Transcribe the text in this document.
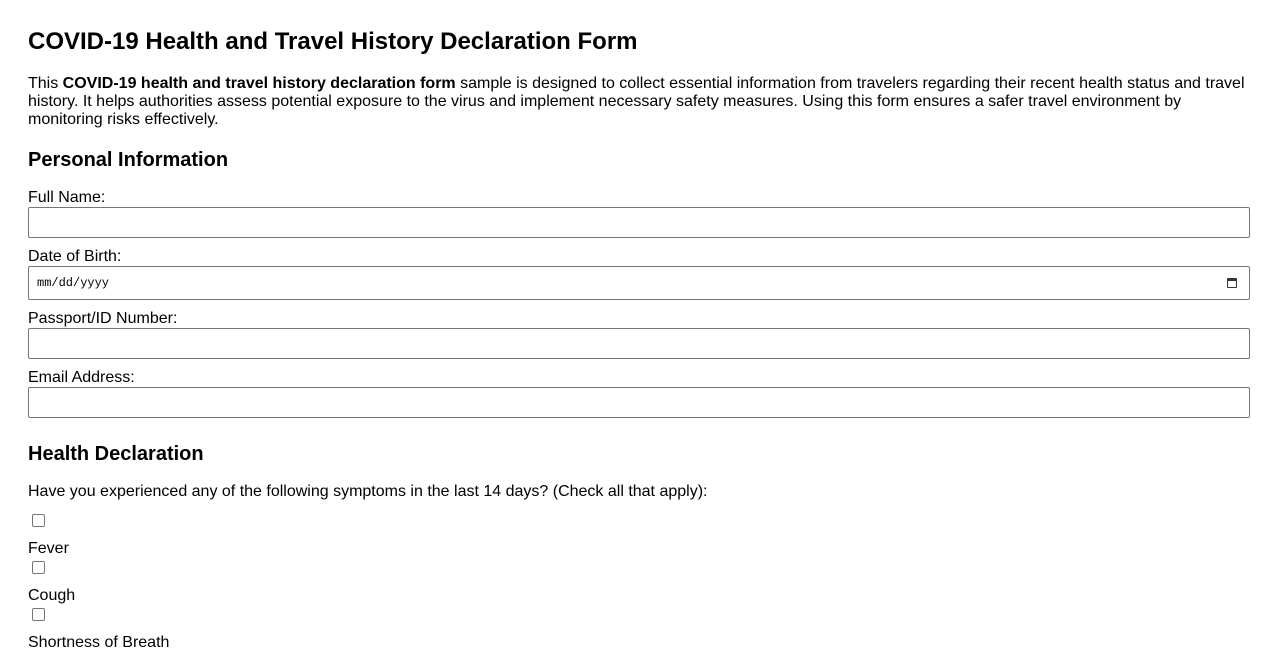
COVID-19 Health and Travel History Declaration Form

This COVID-19 health and travel history declaration form sample is designed to collect essential information from travelers regarding their recent health status and travel history. It helps authorities assess potential exposure to the virus and implement necessary safety measures. Using this form ensures a safer travel environment by monitoring risks effectively.

Personal Information
Full Name:
Date of Birth:
mm/dd/yyyy
Passport/ID Number:
Email Address:
Health Declaration

Have you experienced any of the following symptoms in the last 14 days? (Check all that apply):

Fever
Cough
Shortness of Breath
